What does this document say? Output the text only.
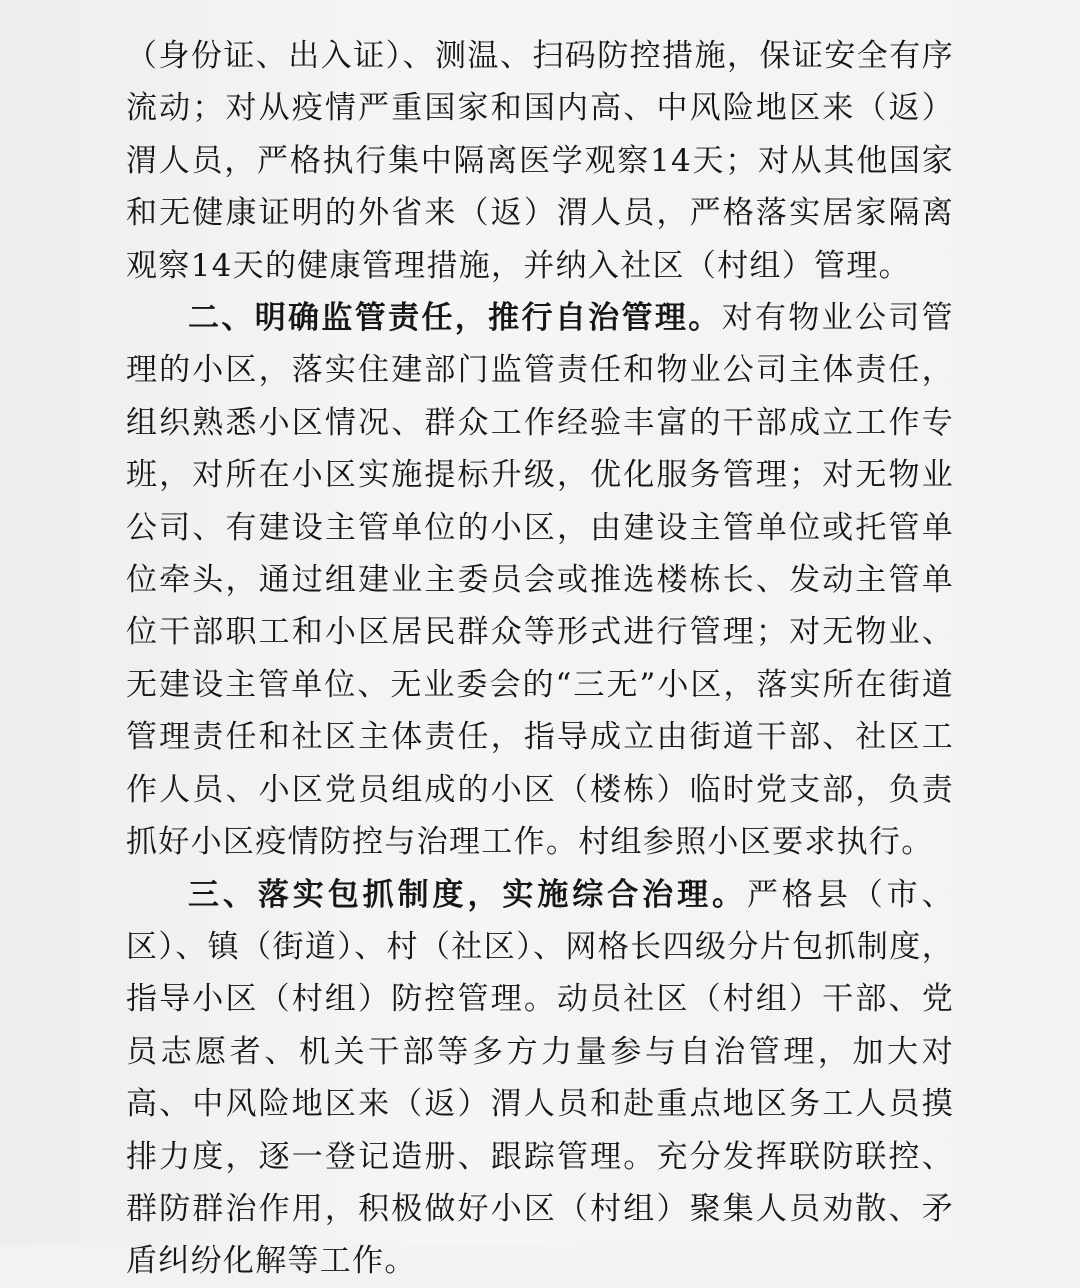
（身份证、出入证）、测温、扫码防控措施，保证安全有序流动；对从疫情严重国家和国内高、中风险地区来（返）渭人员，严格执行集中隔离医学观察14天；对从其他国家和无健康证明的外省来（返）渭人员，严格落实居家隔离观察14天的健康管理措施，并纳入社区（村组）管理。

二、明确监管责任，推行自治管理。对有物业公司管理的小区，落实住建部门监管责任和物业公司主体责任，组织熟悉小区情况、群众工作经验丰富的干部成立工作专班，对所在小区实施提标升级，优化服务管理；对无物业公司、有建设主管单位的小区，由建设主管单位或托管单位牵头，通过组建业主委员会或推选楼栋长、发动主管单位干部职工和小区居民群众等形式进行管理；对无物业、无建设主管单位、无业委会的“三无”小区，落实所在街道管理责任和社区主体责任，指导成立由街道干部、社区工作人员、小区党员组成的小区（楼栋）临时党支部，负责抓好小区疫情防控与治理工作。村组参照小区要求执行。

三、落实包抓制度，实施综合治理。严格县（市、区）、镇（街道）、村（社区）、网格长四级分片包抓制度，指导小区（村组）防控管理。动员社区（村组）干部、党员志愿者、机关干部等多方力量参与自治管理，加大对高、中风险地区来（返）渭人员和赴重点地区务工人员摸排力度，逐一登记造册、跟踪管理。充分发挥联防联控、群防群治作用，积极做好小区（村组）聚集人员劝散、矛盾纠纷化解等工作。
